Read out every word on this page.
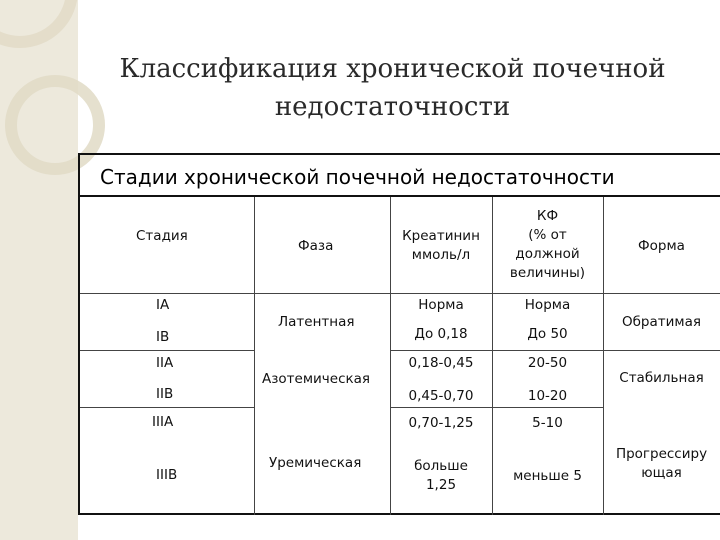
Классификация хронической почечной
недостаточности
Стадии хронической почечной недостаточности
Стадия
Фаза
Креатинин
ммоль/л
КФ
(% от
должной
величины)
Форма
IA
IB
IIA
IIB
IIIA
IIIB
Латентная
Азотемическая
Уремическая
Норма
До 0,18
0,18-0,45
0,45-0,70
0,70-1,25
больше
1,25
Норма
До 50
20-50
10-20
5-10
меньше 5
Обратимая
Стабильная
Прогрессиру
ющая
